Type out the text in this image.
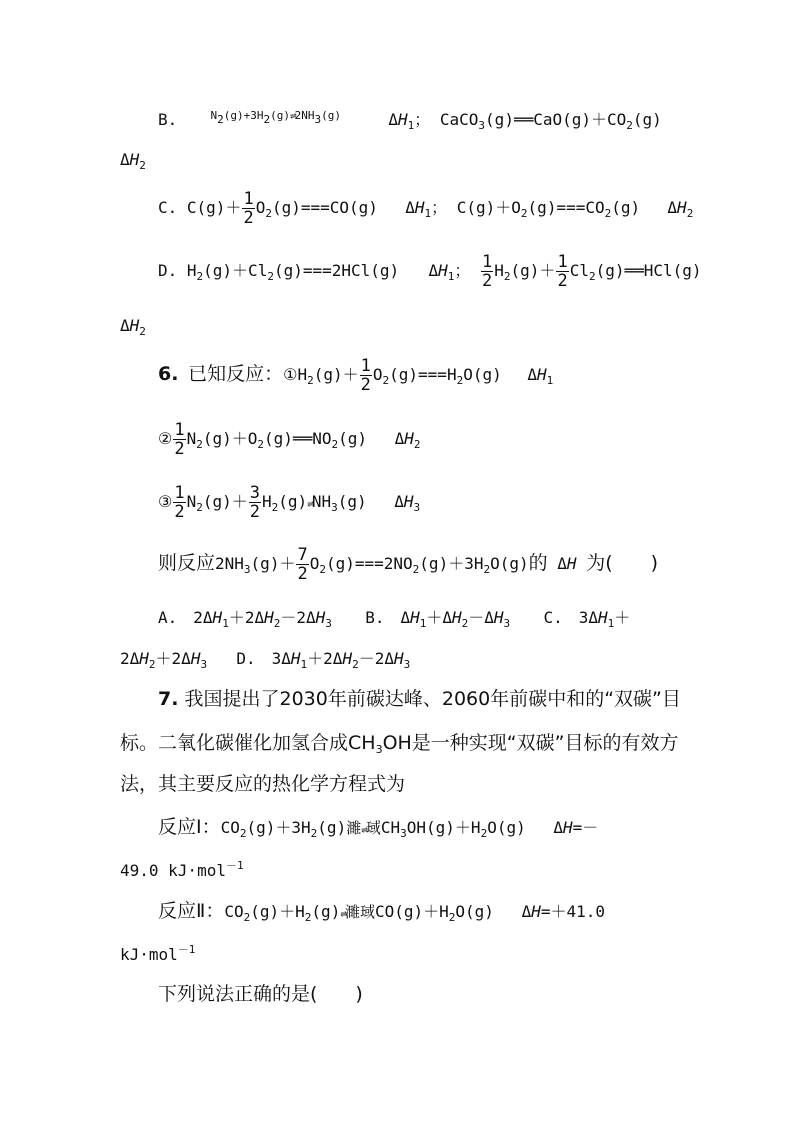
B.	$^{N_2(g)+3H_2(g)\rightleftharpoons 2NH_3(g)}$	$\Delta H_1$； $CaCO_3(g)══CaO(g)+CO_2(g)$
$\Delta H_2$
C. $C(g)+ \frac{1}{2} O_2(g)===CO(g)$  $\Delta H_1$； $C(g)+O_2(g)===CO_2(g)$  $\Delta H_2$
D. $H_2(g)+Cl_2(g)===2HCl(g)$  $\Delta H_1$； $\frac{1}{2} H_2(g)+ \frac{1}{2}$ $Cl_2(g)══HCl(g)$
$\Delta H_2$
6. 已知反应：$①H_2(g)+ \frac{1}{2} O_2(g)===H_2O(g)$ $\Delta H_1$
② $\frac{1}{2}$ $N_2(g)+O_2(g)══NO_2(g)$ $\Delta H_2$
③ $\frac{1}{2} N_2(g)+ \frac{3}{2}$ $H_2(g)\rightleftharpoons NH_3(g)$ $\Delta H_3$
则反应$2NH_3(g)+ \frac{7}{2} O_2(g)===2NO_2(g)+3H_2O(g)$的 ΔH 为(　　)
A.　$2\Delta H_1+2\Delta H_2-2\Delta H_3$ B.　$\Delta H_1+\Delta H_2-\Delta H_3$ C.　$3\Delta H_1+$
$2\Delta H_2+2\Delta H_3$ D.　$3\Delta H_1+2\Delta H_2-2\Delta H_3$
7. 我国提出了2030年前碳达峰、2060年前碳中和的“双碳”目
标。二氧化碳催化加氢合成$CH_3OH$是一种实现“双碳”目标的有效方
法，其主要反应的热化学方程式为
反应Ⅰ：$CO_2(g)+3H_2(g)$濉⇌琙$CH_3OH(g)+H_2O(g)$ ΔH=－
49.0 kJ·mol$^{-1}$
反应Ⅱ：$CO_2(g)+H_2(g)\rightleftharpoons$濉琙$CO(g)+H_2O(g)$ ΔH=＋41.0
kJ·mol$^{-1}$
下列说法正确的是(　　)
